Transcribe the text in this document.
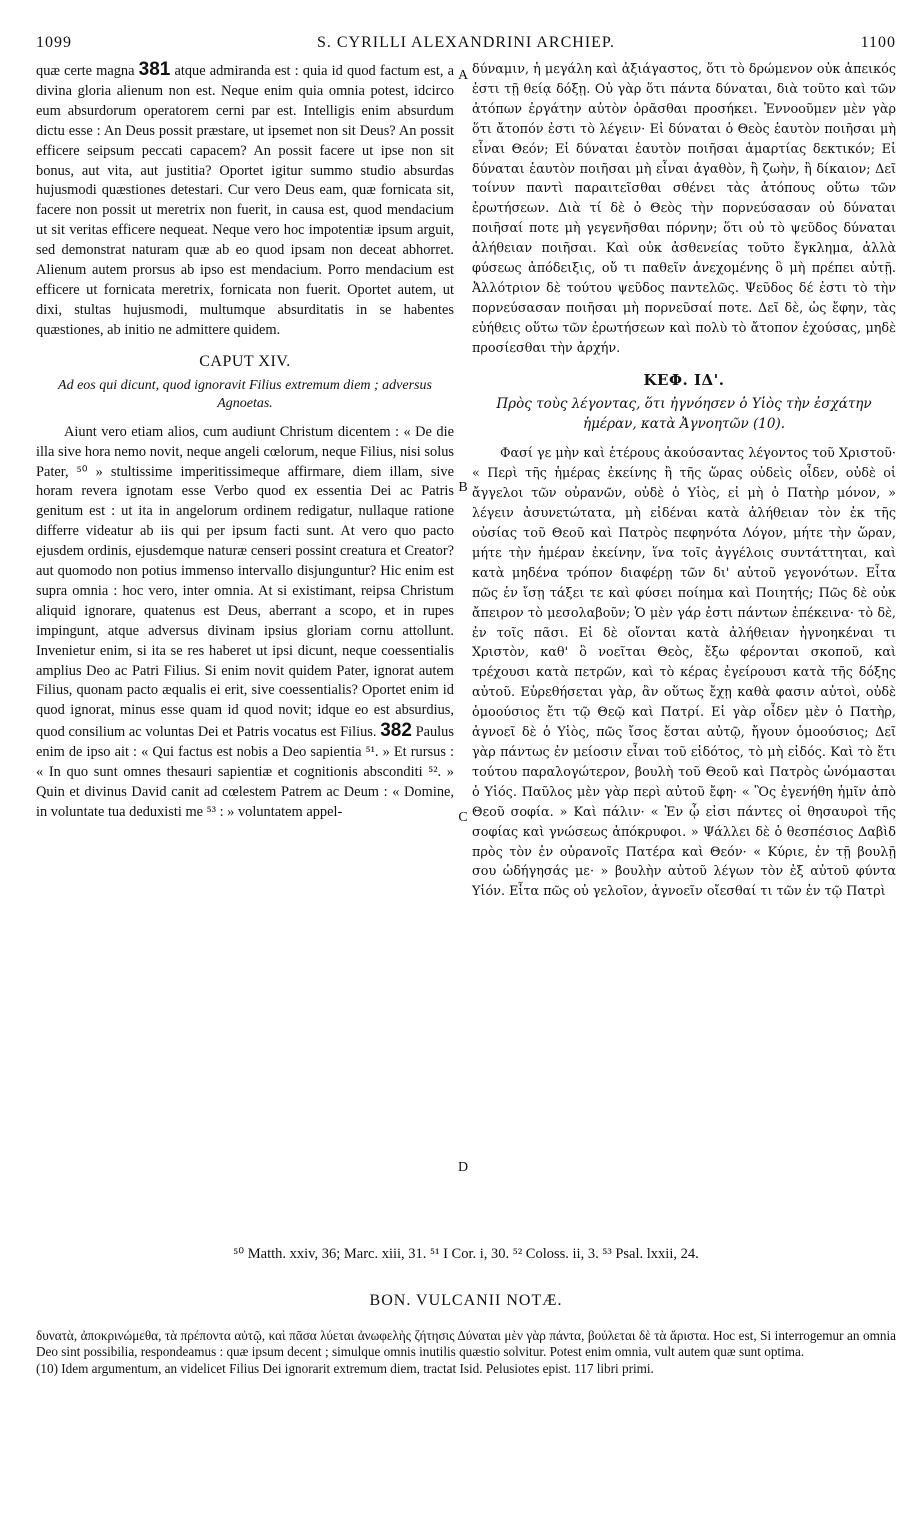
1099	S. CYRILLI ALEXANDRINI ARCHIEP.	1100

quæ certe magna 381 atque admiranda est : quia id quod factum est, a divina gloria alienum non est. Neque enim quia omnia potest, idcirco eum absurdorum operatorem cerni par est. Intelligis enim absurdum dictu esse : An Deus possit præstare, ut ipsemet non sit Deus? An possit efficere seipsum peccati capacem? An possit facere ut ipse non sit bonus, aut vita, aut justitia? Oportet igitur summo studio absurdas hujusmodi quæstiones detestari. Cur vero Deus eam, quæ fornicata sit, facere non possit ut meretrix non fuerit, in causa est, quod mendacium ut sit veritas efficere nequeat. Neque vero hoc impotentiæ ipsum arguit, sed demonstrat naturam quæ ab eo quod ipsam non deceat abhorret. Alienum autem prorsus ab ipso est mendacium. Porro mendacium est efficere ut fornicata meretrix, fornicata non fuerit. Oportet autem, ut dixi, stultas hujusmodi, multumque absurditatis in se habentes quæstiones, ab initio ne admittere quidem.

CAPUT XIV.
Ad eos qui dicunt, quod ignoravit Filius extremum diem ; adversus Agnoetas.

Aiunt vero etiam alios, cum audiunt Christum dicentem : « De die illa sive hora nemo novit, neque angeli cœlorum, neque Filius, nisi solus Pater, ⁵⁰ » stultissime imperitissimeque affirmare, diem illam, sive horam revera ignotam esse Verbo quod ex essentia Dei ac Patris genitum est : ut ita in angelorum ordinem redigatur, nullaque ratione differre videatur ab iis qui per ipsum facti sunt. At vero quo pacto ejusdem ordinis, ejusdemque naturæ censeri possint creatura et Creator? aut quomodo non potius immenso intervallo disjunguntur? Hic enim est supra omnia : hoc vero, inter omnia. At si existimant, reipsa Christum aliquid ignorare, quatenus est Deus, aberrant a scopo, et in rupes impingunt, atque adversus divinam ipsius gloriam cornu attollunt. Invenietur enim, si ita se res haberet ut ipsi dicunt, neque coessentialis amplius Deo ac Patri Filius. Si enim novit quidem Pater, ignorat autem Filius, quonam pacto æqualis ei erit, sive coessentialis? Oportet enim id quod ignorat, minus esse quam id quod novit; idque eo est absurdius, quod consilium ac voluntas Dei et Patris vocatus est Filius. 382 Paulus enim de ipso ait : « Qui factus est nobis a Deo sapientia ⁵¹. » Et rursus : « In quo sunt omnes thesauri sapientiæ et cognitionis absconditi ⁵². » Quin et divinus David canit ad cœlestem Patrem ac Deum : « Domine, in voluntate tua deduxisti me ⁵³ : » voluntatem appel-

A
B
C
D

δύναμιν, ἡ μεγάλη καὶ ἀξιάγαστος, ὅτι τὸ δρώμενον οὐκ ἀπεικός ἐστι τῇ θείᾳ δόξῃ. Οὐ γὰρ ὅτι πάντα δύναται, διὰ τοῦτο καὶ τῶν ἀτόπων ἐργάτην αὐτὸν ὁρᾶσθαι προσήκει. Ἐννοοῦμεν μὲν γὰρ ὅτι ἄτοπόν ἐστι τὸ λέγειν· Εἰ δύναται ὁ Θεὸς ἑαυτὸν ποιῆσαι μὴ εἶναι Θεόν; Εἰ δύναται ἑαυτὸν ποιῆσαι ἁμαρτίας δεκτικόν; Εἰ δύναται ἑαυτὸν ποιῆσαι μὴ εἶναι ἀγαθὸν, ἢ ζωὴν, ἢ δίκαιον; Δεῖ τοίνυν παντὶ παραιτεῖσθαι σθένει τὰς ἀτόπους οὕτω τῶν ἐρωτήσεων. Διὰ τί δὲ ὁ Θεὸς τὴν πορνεύσασαν οὐ δύναται ποιῆσαί ποτε μὴ γεγενῆσθαι πόρνην; ὅτι οὐ τὸ ψεῦδος δύναται ἀλήθειαν ποιῆσαι. Καὶ οὐκ ἀσθενείας τοῦτο ἔγκλημα, ἀλλὰ φύσεως ἀπόδειξις, οὔ τι παθεῖν ἀνεχομένης ὃ μὴ πρέπει αὐτῇ. Ἀλλότριον δὲ τούτου ψεῦδος παντελῶς. Ψεῦδος δέ ἐστι τὸ τὴν πορνεύσασαν ποιῆσαι μὴ πορνεῦσαί ποτε. Δεῖ δὲ, ὡς ἔφην, τὰς εὐήθεις οὕτω τῶν ἐρωτήσεων καὶ πολὺ τὸ ἄτοπον ἐχούσας, μηδὲ προσίεσθαι τὴν ἀρχήν.

ΚΕΦ. ΙΔ'.
Πρὸς τοὺς λέγοντας, ὅτι ἠγνόησεν ὁ Υἱὸς τὴν ἐσχάτην ἡμέραν, κατὰ Ἀγνοητῶν (10).

Φασί γε μὴν καὶ ἑτέρους ἀκούσαντας λέγοντος τοῦ Χριστοῦ· « Περὶ τῆς ἡμέρας ἐκείνης ἢ τῆς ὥρας οὐδεὶς οἶδεν, οὐδὲ οἱ ἄγγελοι τῶν οὐρανῶν, οὐδὲ ὁ Υἱὸς, εἰ μὴ ὁ Πατὴρ μόνον, » λέγειν ἀσυνετώτατα, μὴ εἰδέναι κατὰ ἀλήθειαν τὸν ἐκ τῆς οὐσίας τοῦ Θεοῦ καὶ Πατρὸς πεφηνότα Λόγον, μήτε τὴν ὥραν, μήτε τὴν ἡμέραν ἐκείνην, ἵνα τοῖς ἀγγέλοις συντάττηται, καὶ κατὰ μηδένα τρόπον διαφέρῃ τῶν δι' αὐτοῦ γεγονότων. Εἶτα πῶς ἐν ἴσῃ τάξει τε καὶ φύσει ποίημα καὶ Ποιητής; Πῶς δὲ οὐκ ἄπειρον τὸ μεσολαβοῦν; Ὁ μὲν γάρ ἐστι πάντων ἐπέκεινα· τὸ δὲ, ἐν τοῖς πᾶσι. Εἰ δὲ οἴονται κατὰ ἀλήθειαν ἠγνοηκέναι τι Χριστὸν, καθ' ὃ νοεῖται Θεὸς, ἔξω φέρονται σκοποῦ, καὶ τρέχουσι κατὰ πετρῶν, καὶ τὸ κέρας ἐγείρουσι κατὰ τῆς δόξης αὐτοῦ. Εὑρεθήσεται γὰρ, ἂν οὕτως ἔχῃ καθὰ φασιν αὐτοὶ, οὐδὲ ὁμοούσιος ἔτι τῷ Θεῷ καὶ Πατρί. Εἰ γὰρ οἶδεν μὲν ὁ Πατὴρ, ἀγνοεῖ δὲ ὁ Υἱὸς, πῶς ἴσος ἔσται αὐτῷ, ἤγουν ὁμοούσιος; Δεῖ γὰρ πάντως ἐν μείοσιν εἶναι τοῦ εἰδότος, τὸ μὴ εἰδός. Καὶ τὸ ἔτι τούτου παραλογώτερον, βουλὴ τοῦ Θεοῦ καὶ Πατρὸς ὠνόμασται ὁ Υἱός. Παῦλος μὲν γὰρ περὶ αὐτοῦ ἔφη· « Ὃς ἐγενήθη ἡμῖν ἀπὸ Θεοῦ σοφία. » Καὶ πάλιν· « Ἐν ᾧ εἰσι πάντες οἱ θησαυροὶ τῆς σοφίας καὶ γνώσεως ἀπόκρυφοι. » Ψάλλει δὲ ὁ θεσπέσιος Δαβὶδ πρὸς τὸν ἐν οὐρανοῖς Πατέρα καὶ Θεόν· « Κύριε, ἐν τῇ βουλῇ σου ὡδήγησάς με· » βουλὴν αὐτοῦ λέγων τὸν ἐξ αὐτοῦ φύντα Υἱόν. Εἶτα πῶς οὐ γελοῖον, ἀγνοεῖν οἴεσθαί τι τῶν ἐν τῷ Πατρὶ

⁵⁰ Matth. xxiv, 36; Marc. xiii, 31. ⁵¹ I Cor. i, 30. ⁵² Coloss. ii, 3. ⁵³ Psal. lxxii, 24.
BON. VULCANII NOTÆ.

δυνατὰ, ἀποκρινώμεθα, τὰ πρέποντα αὐτῷ, καὶ πᾶσα λύεται ἀνωφελὴς ζήτησις Δύναται μὲν γὰρ πάντα, βούλεται δὲ τὰ ἄριστα. Hoc est, Si interrogemur an omnia Deo sint possibilia, respondeamus : quæ ipsum decent ; simulque omnis inutilis quæstio solvitur. Potest enim omnia, vult autem quæ sunt optima.

(10) Idem argumentum, an videlicet Filius Dei ignorarit extremum diem, tractat Isid. Pelusiotes epist. 117 libri primi.
